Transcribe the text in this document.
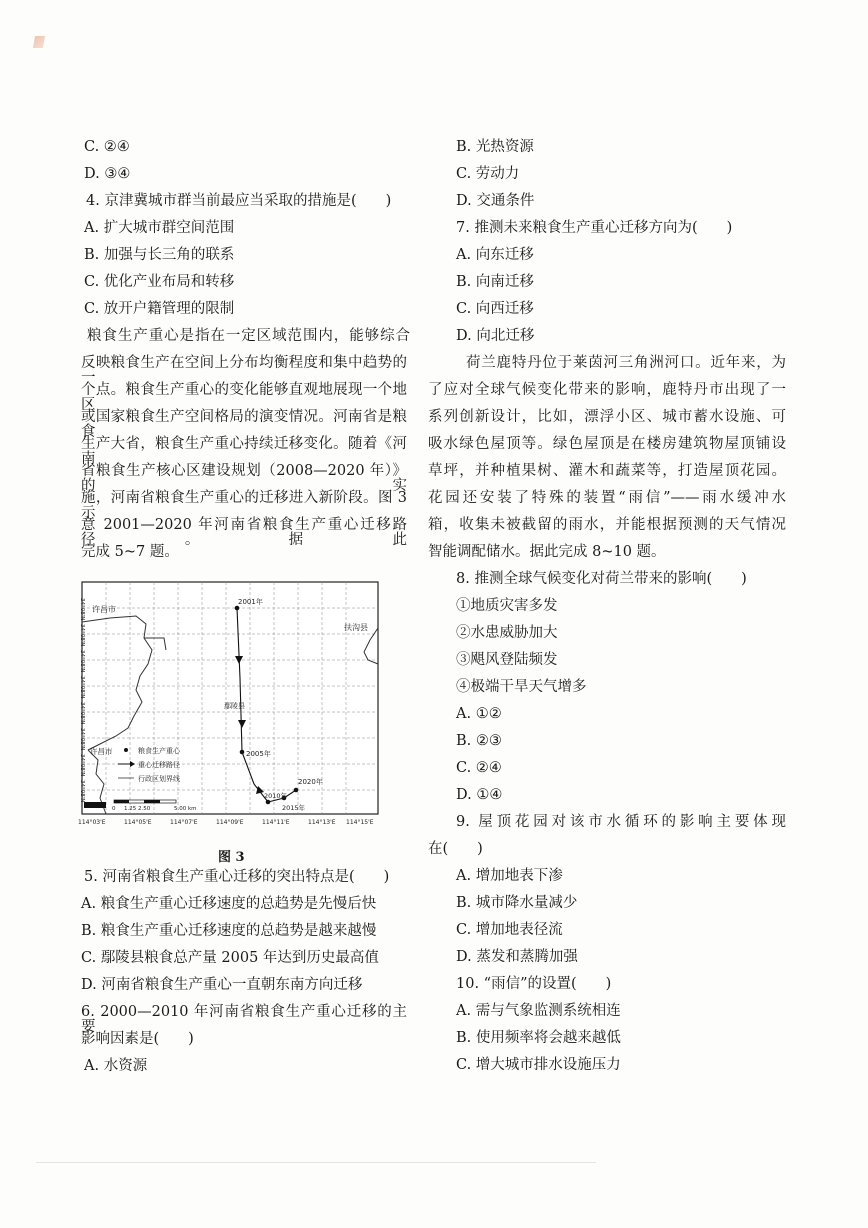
C. ②④
D. ③④
4. 京津冀城市群当前最应当采取的措施是(　　)
A. 扩大城市群空间范围
B. 加强与长三角的联系
C. 优化产业布局和转移
C. 放开户籍管理的限制
粮食生产重心是指在一定区域范围内，能够综合
反映粮食生产在空间上分布均衡程度和集中趋势的一
个点。粮食生产重心的变化能够直观地展现一个地区
或国家粮食生产空间格局的演变情况。河南省是粮食
生产大省，粮食生产重心持续迁移变化。随着《河南
省粮食生产核心区建设规划（2008—2020 年）》的实
施，河南省粮食生产重心的迁移进入新阶段。图 3 示
意 2001—2020 年河南省粮食生产重心迁移路径。据此
完成 5~7 题。
5. 河南省粮食生产重心迁移的突出特点是(　　)
A. 粮食生产重心迁移速度的总趋势是先慢后快
B. 粮食生产重心迁移速度的总趋势是越来越慢
C. 鄢陵县粮食总产量 2005 年达到历史最高值
D. 河南省粮食生产重心一直朝东南方向迁移
6. 2000—2010 年河南省粮食生产重心迁移的主要
影响因素是(　　)
A. 水资源
许昌市
扶沟县
鄢陵县
许昌市
2001年
2005年
2010年
2015年
2020年
34°08'N
34°08'N
34°08'N
34°08'N
34°08'N
34°08'N
34°08'N
34°08'N
粮食生产重心
重心迁移路径
行政区划界线
0 1.25 2.50	5.00 km
114°03'E	114°05'E	114°07'E	114°09'E	114°11'E	114°13'E 114°15'E
图 3
B. 光热资源
C. 劳动力
D. 交通条件
7. 推测未来粮食生产重心迁移方向为(　　)
A. 向东迁移
B. 向南迁移
C. 向西迁移
D. 向北迁移
荷兰鹿特丹位于莱茵河三角洲河口。近年来，为
了应对全球气候变化带来的影响，鹿特丹市出现了一
系列创新设计，比如，漂浮小区、城市蓄水设施、可
吸水绿色屋顶等。绿色屋顶是在楼房建筑物屋顶铺设
草坪，并种植果树、灌木和蔬菜等，打造屋顶花园。
花园还安装了特殊的装置“雨信”——雨水缓冲水
箱，收集未被截留的雨水，并能根据预测的天气情况
智能调配储水。据此完成 8~10 题。
8. 推测全球气候变化对荷兰带来的影响(　　)
①地质灾害多发
②水患威胁加大
③飓风登陆频发
④极端干旱天气增多
A. ①②
B. ②③
C. ②④
D. ①④
9. 屋顶花园对该市水循环的影响主要体现
在(　　)
A. 增加地表下渗
B. 城市降水量减少
C. 增加地表径流
D. 蒸发和蒸腾加强
10. “雨信”的设置(　　)
A. 需与气象监测系统相连
B. 使用频率将会越来越低
C. 增大城市排水设施压力
